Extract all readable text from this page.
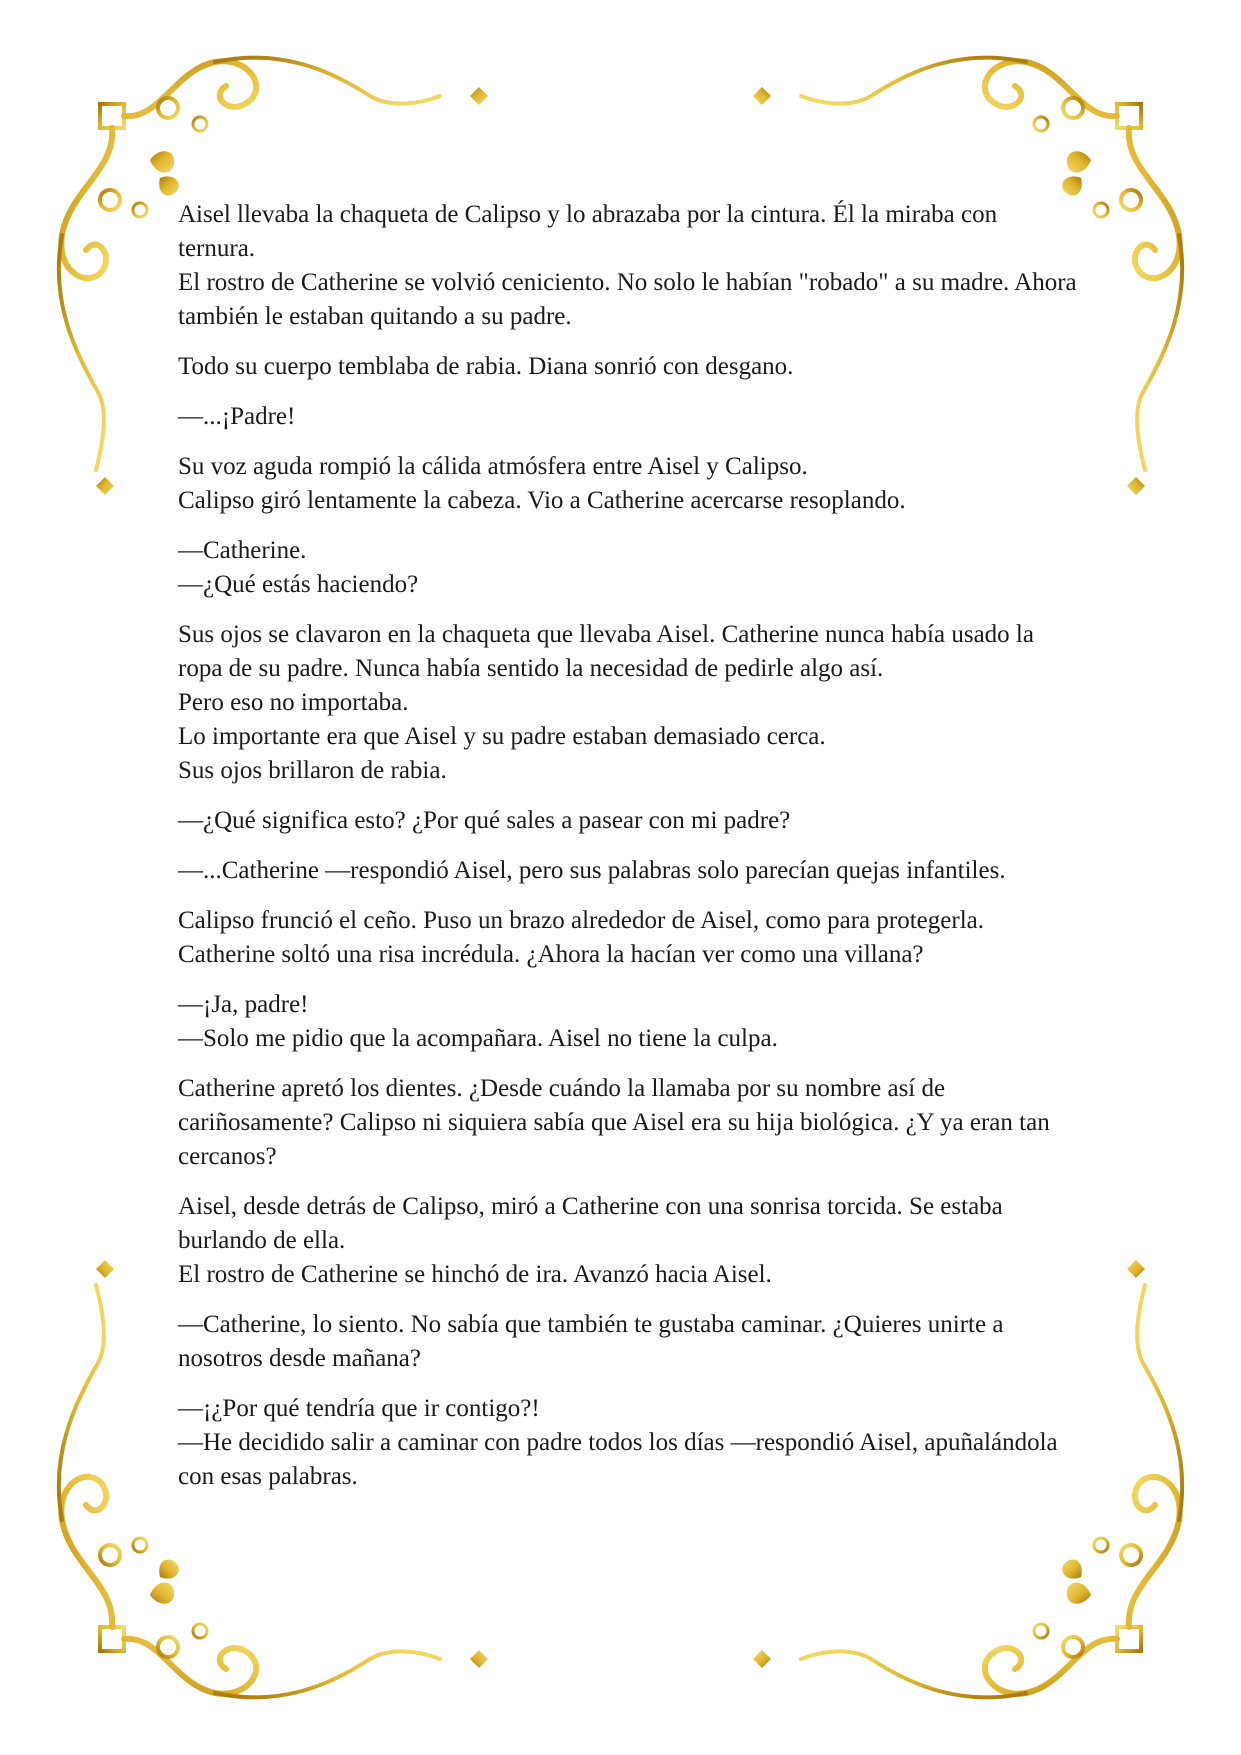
Aisel llevaba la chaqueta de Calipso y lo abrazaba por la cintura. Él la miraba con ternura.
El rostro de Catherine se volvió ceniciento. No solo le habían "robado" a su madre. Ahora también le estaban quitando a su padre.
Todo su cuerpo temblaba de rabia. Diana sonrió con desgano.
—...¡Padre!
Su voz aguda rompió la cálida atmósfera entre Aisel y Calipso.
Calipso giró lentamente la cabeza. Vio a Catherine acercarse resoplando.
—Catherine.
—¿Qué estás haciendo?
Sus ojos se clavaron en la chaqueta que llevaba Aisel. Catherine nunca había usado la ropa de su padre. Nunca había sentido la necesidad de pedirle algo así.
Pero eso no importaba.
Lo importante era que Aisel y su padre estaban demasiado cerca.
Sus ojos brillaron de rabia.
—¿Qué significa esto? ¿Por qué sales a pasear con mi padre?
—...Catherine —respondió Aisel, pero sus palabras solo parecían quejas infantiles.
Calipso frunció el ceño. Puso un brazo alrededor de Aisel, como para protegerla.
Catherine soltó una risa incrédula. ¿Ahora la hacían ver como una villana?
—¡Ja, padre!
—Solo me pidio que la acompañara. Aisel no tiene la culpa.
Catherine apretó los dientes. ¿Desde cuándo la llamaba por su nombre así de cariñosamente? Calipso ni siquiera sabía que Aisel era su hija biológica. ¿Y ya eran tan cercanos?
Aisel, desde detrás de Calipso, miró a Catherine con una sonrisa torcida. Se estaba burlando de ella.
El rostro de Catherine se hinchó de ira. Avanzó hacia Aisel.
—Catherine, lo siento. No sabía que también te gustaba caminar. ¿Quieres unirte a nosotros desde mañana?
—¡¿Por qué tendría que ir contigo?!
—He decidido salir a caminar con padre todos los días —respondió Aisel, apuñalándola con esas palabras.
